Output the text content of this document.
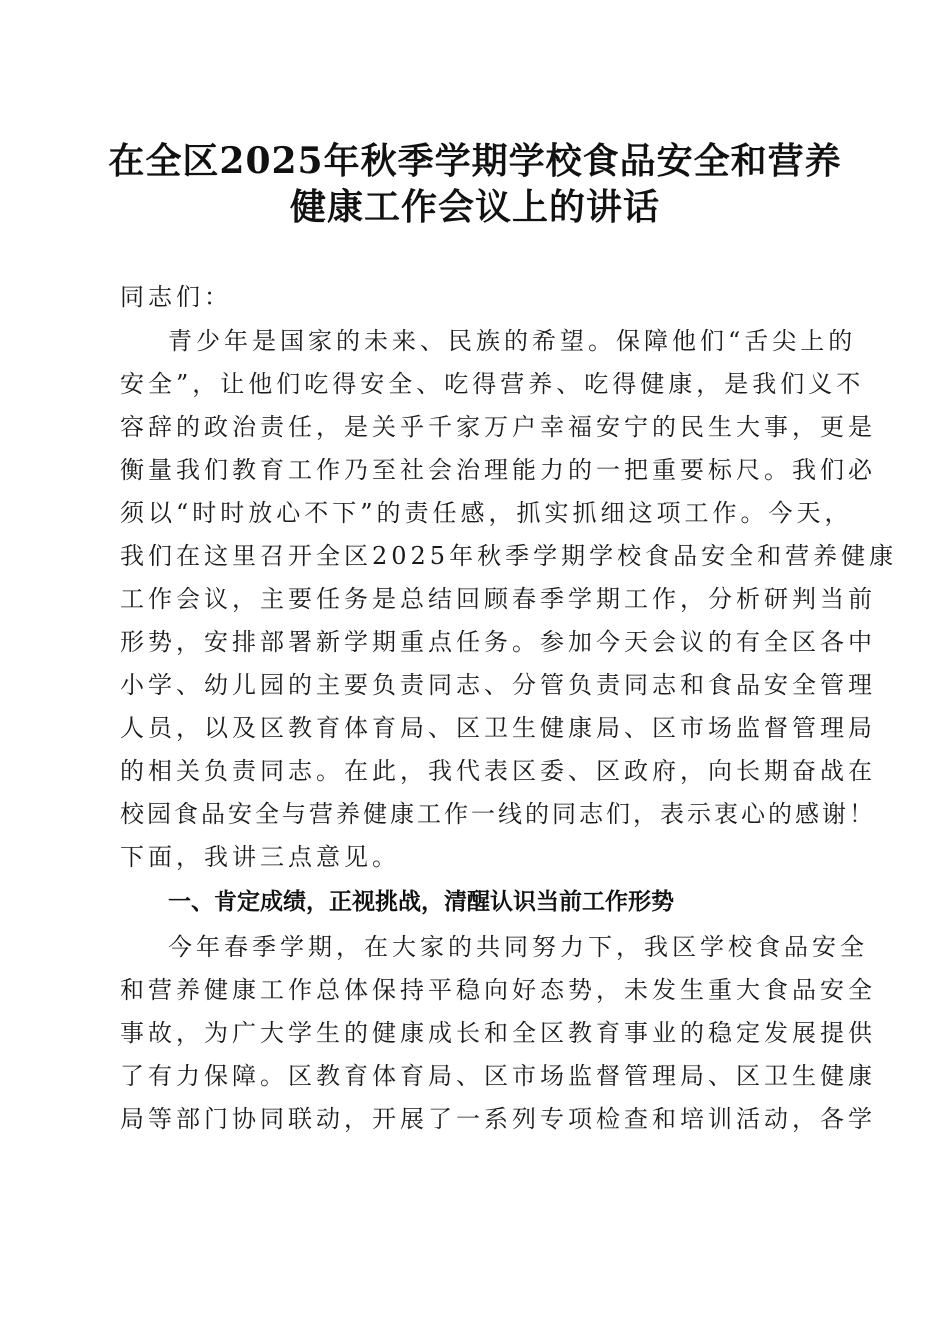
在全区2025年秋季学期学校食品安全和营养
健康工作会议上的讲话

同志们：

青少年是国家的未来、民族的希望。保障他们“舌尖上的

安全”，让他们吃得安全、吃得营养、吃得健康，是我们义不

容辞的政治责任，是关乎千家万户幸福安宁的民生大事，更是

衡量我们教育工作乃至社会治理能力的一把重要标尺。我们必

须以“时时放心不下”的责任感，抓实抓细这项工作。今天，

我们在这里召开全区2025年秋季学期学校食品安全和营养健康

工作会议，主要任务是总结回顾春季学期工作，分析研判当前

形势，安排部署新学期重点任务。参加今天会议的有全区各中

小学、幼儿园的主要负责同志、分管负责同志和食品安全管理

人员，以及区教育体育局、区卫生健康局、区市场监督管理局

的相关负责同志。在此，我代表区委、区政府，向长期奋战在

校园食品安全与营养健康工作一线的同志们，表示衷心的感谢！

下面，我讲三点意见。

一、肯定成绩，正视挑战，清醒认识当前工作形势

今年春季学期，在大家的共同努力下，我区学校食品安全

和营养健康工作总体保持平稳向好态势，未发生重大食品安全

事故，为广大学生的健康成长和全区教育事业的稳定发展提供

了有力保障。区教育体育局、区市场监督管理局、区卫生健康

局等部门协同联动，开展了一系列专项检查和培训活动，各学
